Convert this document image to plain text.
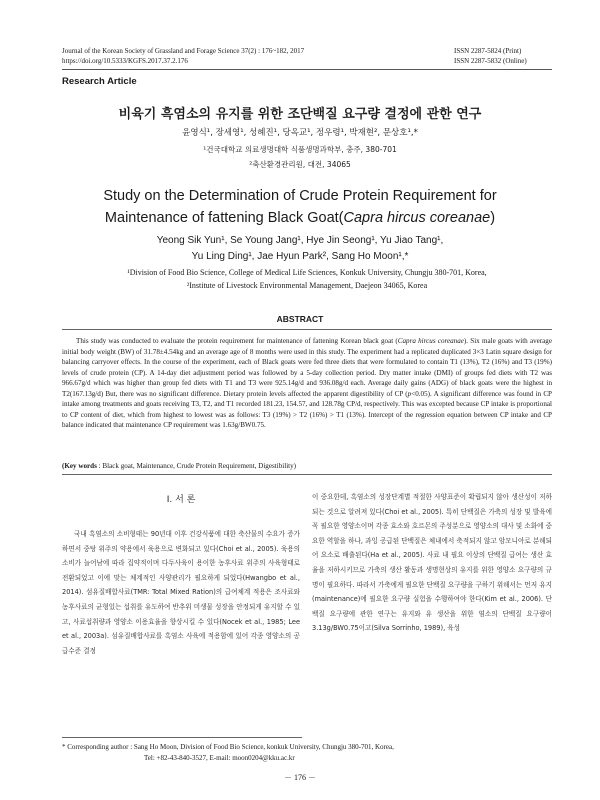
Journal of the Korean Society of Grassland and Forage Science 37(2) : 176~182, 2017
https://doi.org/10.5333/KGFS.2017.37.2.176
ISSN 2287-5824 (Print)
ISSN 2287-5832 (Online)
Research Article
비육기 흑염소의 유지를 위한 조단백질 요구량 결정에 관한 연구
윤영식¹, 장세영¹, 성혜진¹, 당옥교¹, 정우령¹, 박재현², 문상호¹,*
¹건국대학교 의료생명대학 식품생명과학부, 충주, 380-701
²축산환경관리원, 대전, 34065
Study on the Determination of Crude Protein Requirement for
Maintenance of fattening Black Goat(Capra hircus coreanae)
Yeong Sik Yun¹, Se Young Jang¹, Hye Jin Seong¹, Yu Jiao Tang¹,
Yu Ling Ding¹, Jae Hyun Park², Sang Ho Moon¹,*
¹Division of Food Bio Science, College of Medical Life Sciences, Konkuk University, Chungju 380-701, Korea,
²Institute of Livestock Environmental Management, Daejeon 34065, Korea
ABSTRACT

This study was conducted to evaluate the protein requirement for maintenance of fattening Korean black goat (Capra hircus coreanae). Six male goats with average initial body weight (BW) of 31.78±4.54kg and an average age of 8 months were used in this study. The experiment had a replicated duplicated 3×3 Latin square design for balancing carryover effects. In the course of the experiment, each of Black goats were fed three diets that were formulated to contain T1 (13%), T2 (16%) and T3 (19%) levels of crude protein (CP). A 14-day diet adjustment period was followed by a 5-day collection period. Dry matter intake (DMI) of groups fed diets with T2 was 966.67g/d which was higher than group fed diets with T1 and T3 were 925.14g/d and 936.08g/d each. Average daily gains (ADG) of black goats were the highest in T2(167.13g/d) But, there was no significant difference. Dietary protein levels affected the apparent digestibility of CP (p<0.05). A significant difference was found in CP intake among treatments and goats receiving T3, T2, and T1 recorded 181.23, 154.57, and 128.78g CP/d, respectively. This was excepted because CP intake is proportional to CP content of diet, which from highest to lowest was as follows: T3 (19%) > T2 (16%) > T1 (13%). Intercept of the regression equation between CP intake and CP balance indicated that maintenance CP requirement was 1.63g/BW0.75.

(Key words : Black goat, Maintenance, Crude Protein Requirement, Digestibility)

Ⅰ. 서 론

국내 흑염소의 소비형태는 90년대 이후 건강식품에 대한 축산물의 수요가 증가하면서 중탕 위주의 약용에서 육용으로 변화되고 있다(Choi et al., 2005). 육용의 소비가 늘어남에 따라 집약적이며 다두사육이 용이한 농후사료 위주의 사육형태로 전환되었고 이에 맞는 체계적인 사양관리가 필요하게 되었다(Hwangbo et al., 2014). 섬유질배합사료(TMR: Total Mixed Ration)의 급여체계 적용은 조사료와 농후사료의 균형있는 섭취를 유도하여 반추위 미생물 성장을 안정되게 유지할 수 있고, 사료섭취량과 영양소 이용효율을 향상시킬 수 있다(Nocek et al., 1985; Lee et al., 2003a). 섬유질배합사료를 흑염소 사육에 적용함에 있어 각종 영양소의 공급수준 결정

이 중요한데, 흑염소의 성장단계별 적절한 사양표준이 확립되지 않아 생산성이 저하되는 것으로 알려져 있다(Choi et al., 2005). 특히 단백질은 가축의 성장 및 발육에 꼭 필요한 영양소이며 각종 효소와 호르몬의 주성분으로 영양소의 대사 및 소화에 중요한 역할을 하나, 과잉 공급된 단백질은 체내에서 축적되지 않고 암모니아로 분해되어 요소로 배출된다(Ha et al., 2005). 사료 내 필요 이상의 단백질 급여는 생산 효율을 저하시키므로 가축의 생산 활동과 생명현상의 유지를 위한 영양소 요구량의 규명이 필요하다. 따라서 가축에게 필요한 단백질 요구량을 구하기 위해서는 먼저 유지(maintenance)에 필요한 요구량 실험을 수행하여야 한다(Kim et al., 2006). 단백질 요구량에 관한 연구는 유지와 유 생산을 위한 염소의 단백질 요구량이 3.13g/BW0.75이고(Silva Sorrinho, 1989), 육성

* Corresponding author : Sang Ho Moon, Division of Food Bio Science, konkuk University, Chungju 380-701, Korea,
Tel: +82-43-840-3527, E-mail: moon0204@kku.ac.kr
－ 176 －
